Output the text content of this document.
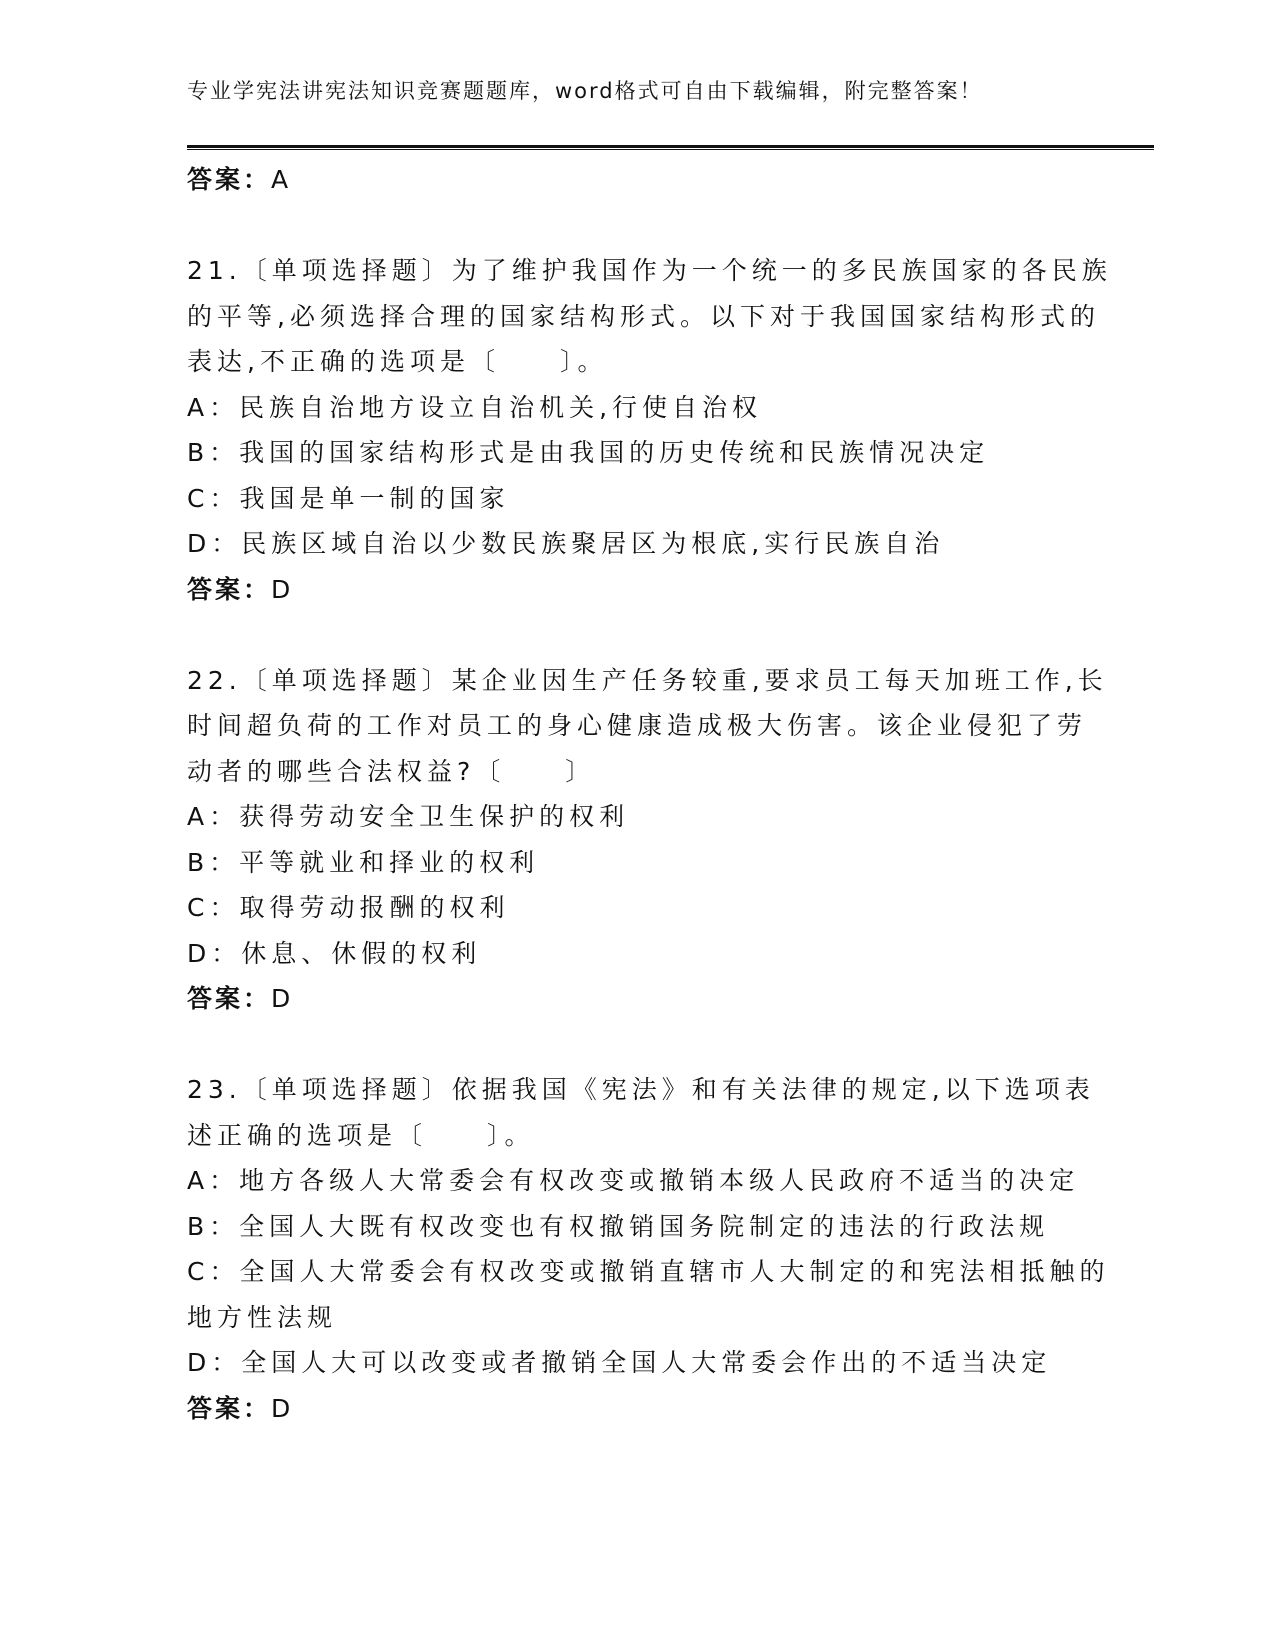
专业学宪法讲宪法知识竞赛题题库，word格式可自由下载编辑，附完整答案！
答案：A
21.〔单项选择题〕为了维护我国作为一个统一的多民族国家的各民族
的平等,必须选择合理的国家结构形式。以下对于我国国家结构形式的
表达,不正确的选项是〔　　〕。
A：民族自治地方设立自治机关,行使自治权
B：我国的国家结构形式是由我国的历史传统和民族情况决定
C：我国是单一制的国家
D：民族区域自治以少数民族聚居区为根底,实行民族自治
答案：D
22.〔单项选择题〕某企业因生产任务较重,要求员工每天加班工作,长
时间超负荷的工作对员工的身心健康造成极大伤害。该企业侵犯了劳
动者的哪些合法权益?〔　　〕
A：获得劳动安全卫生保护的权利
B：平等就业和择业的权利
C：取得劳动报酬的权利
D：休息、休假的权利
答案：D
23.〔单项选择题〕依据我国《宪法》和有关法律的规定,以下选项表
述正确的选项是〔　　〕。
A：地方各级人大常委会有权改变或撤销本级人民政府不适当的决定
B：全国人大既有权改变也有权撤销国务院制定的违法的行政法规
C：全国人大常委会有权改变或撤销直辖市人大制定的和宪法相抵触的
地方性法规
D：全国人大可以改变或者撤销全国人大常委会作出的不适当决定
答案：D
